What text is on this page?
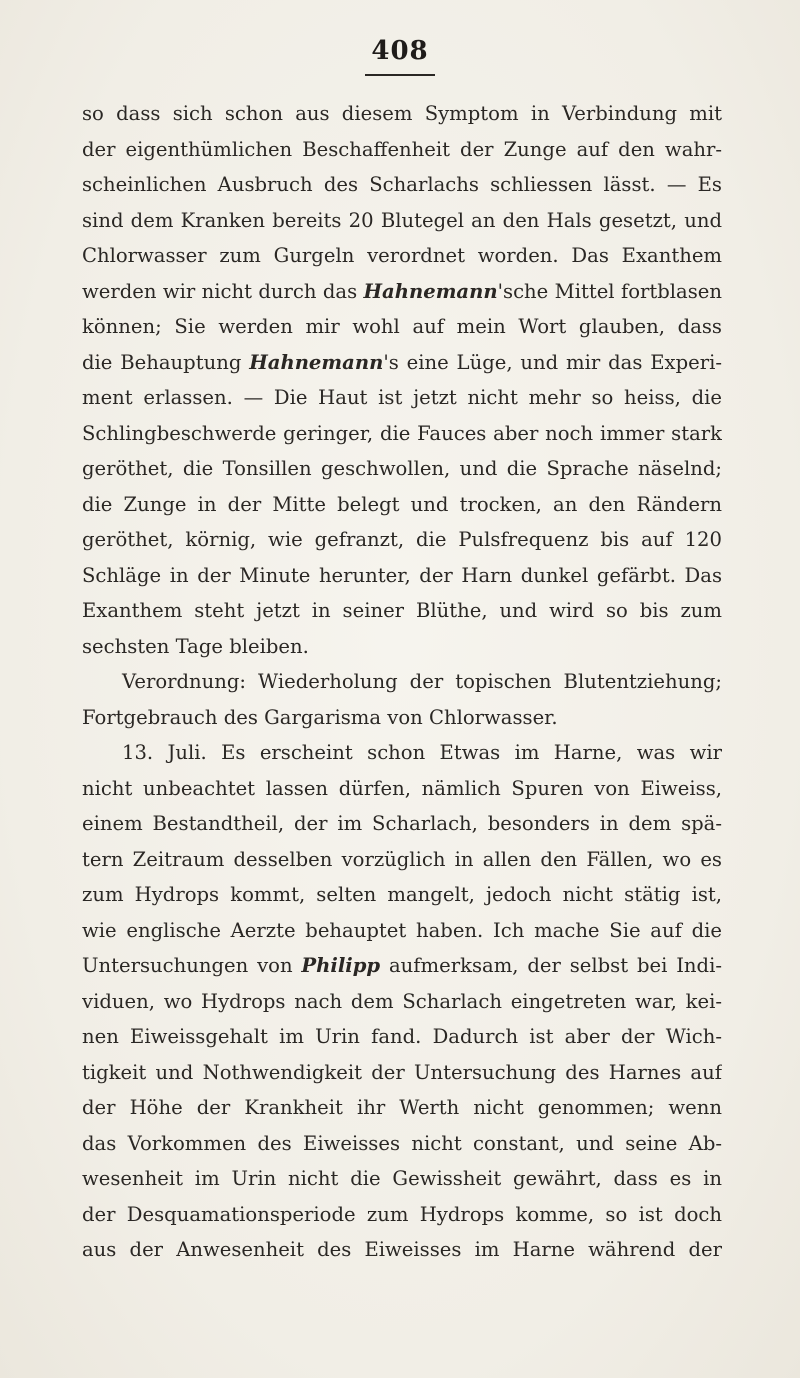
408
so dass sich schon aus diesem Symptom in Verbindung mit
der eigenthümlichen Beschaffenheit der Zunge auf den wahr-
scheinlichen Ausbruch des Scharlachs schliessen lässt. — Es
sind dem Kranken bereits 20 Blutegel an den Hals gesetzt, und
Chlorwasser zum Gurgeln verordnet worden. Das Exanthem
werden wir nicht durch das Hahnemann'sche Mittel fortblasen
können; Sie werden mir wohl auf mein Wort glauben, dass
die Behauptung Hahnemann's eine Lüge, und mir das Experi-
ment erlassen. — Die Haut ist jetzt nicht mehr so heiss, die
Schlingbeschwerde geringer, die Fauces aber noch immer stark
geröthet, die Tonsillen geschwollen, und die Sprache näselnd;
die Zunge in der Mitte belegt und trocken, an den Rändern
geröthet, körnig, wie gefranzt, die Pulsfrequenz bis auf 120
Schläge in der Minute herunter, der Harn dunkel gefärbt. Das
Exanthem steht jetzt in seiner Blüthe, und wird so bis zum
sechsten Tage bleiben.
Verordnung: Wiederholung der topischen Blutentziehung;
Fortgebrauch des Gargarisma von Chlorwasser.
13. Juli. Es erscheint schon Etwas im Harne, was wir
nicht unbeachtet lassen dürfen, nämlich Spuren von Eiweiss,
einem Bestandtheil, der im Scharlach, besonders in dem spä-
tern Zeitraum desselben vorzüglich in allen den Fällen, wo es
zum Hydrops kommt, selten mangelt, jedoch nicht stätig ist,
wie englische Aerzte behauptet haben. Ich mache Sie auf die
Untersuchungen von Philipp aufmerksam, der selbst bei Indi-
viduen, wo Hydrops nach dem Scharlach eingetreten war, kei-
nen Eiweissgehalt im Urin fand. Dadurch ist aber der Wich-
tigkeit und Nothwendigkeit der Untersuchung des Harnes auf
der Höhe der Krankheit ihr Werth nicht genommen; wenn
das Vorkommen des Eiweisses nicht constant, und seine Ab-
wesenheit im Urin nicht die Gewissheit gewährt, dass es in
der Desquamationsperiode zum Hydrops komme, so ist doch
aus der Anwesenheit des Eiweisses im Harne während der
